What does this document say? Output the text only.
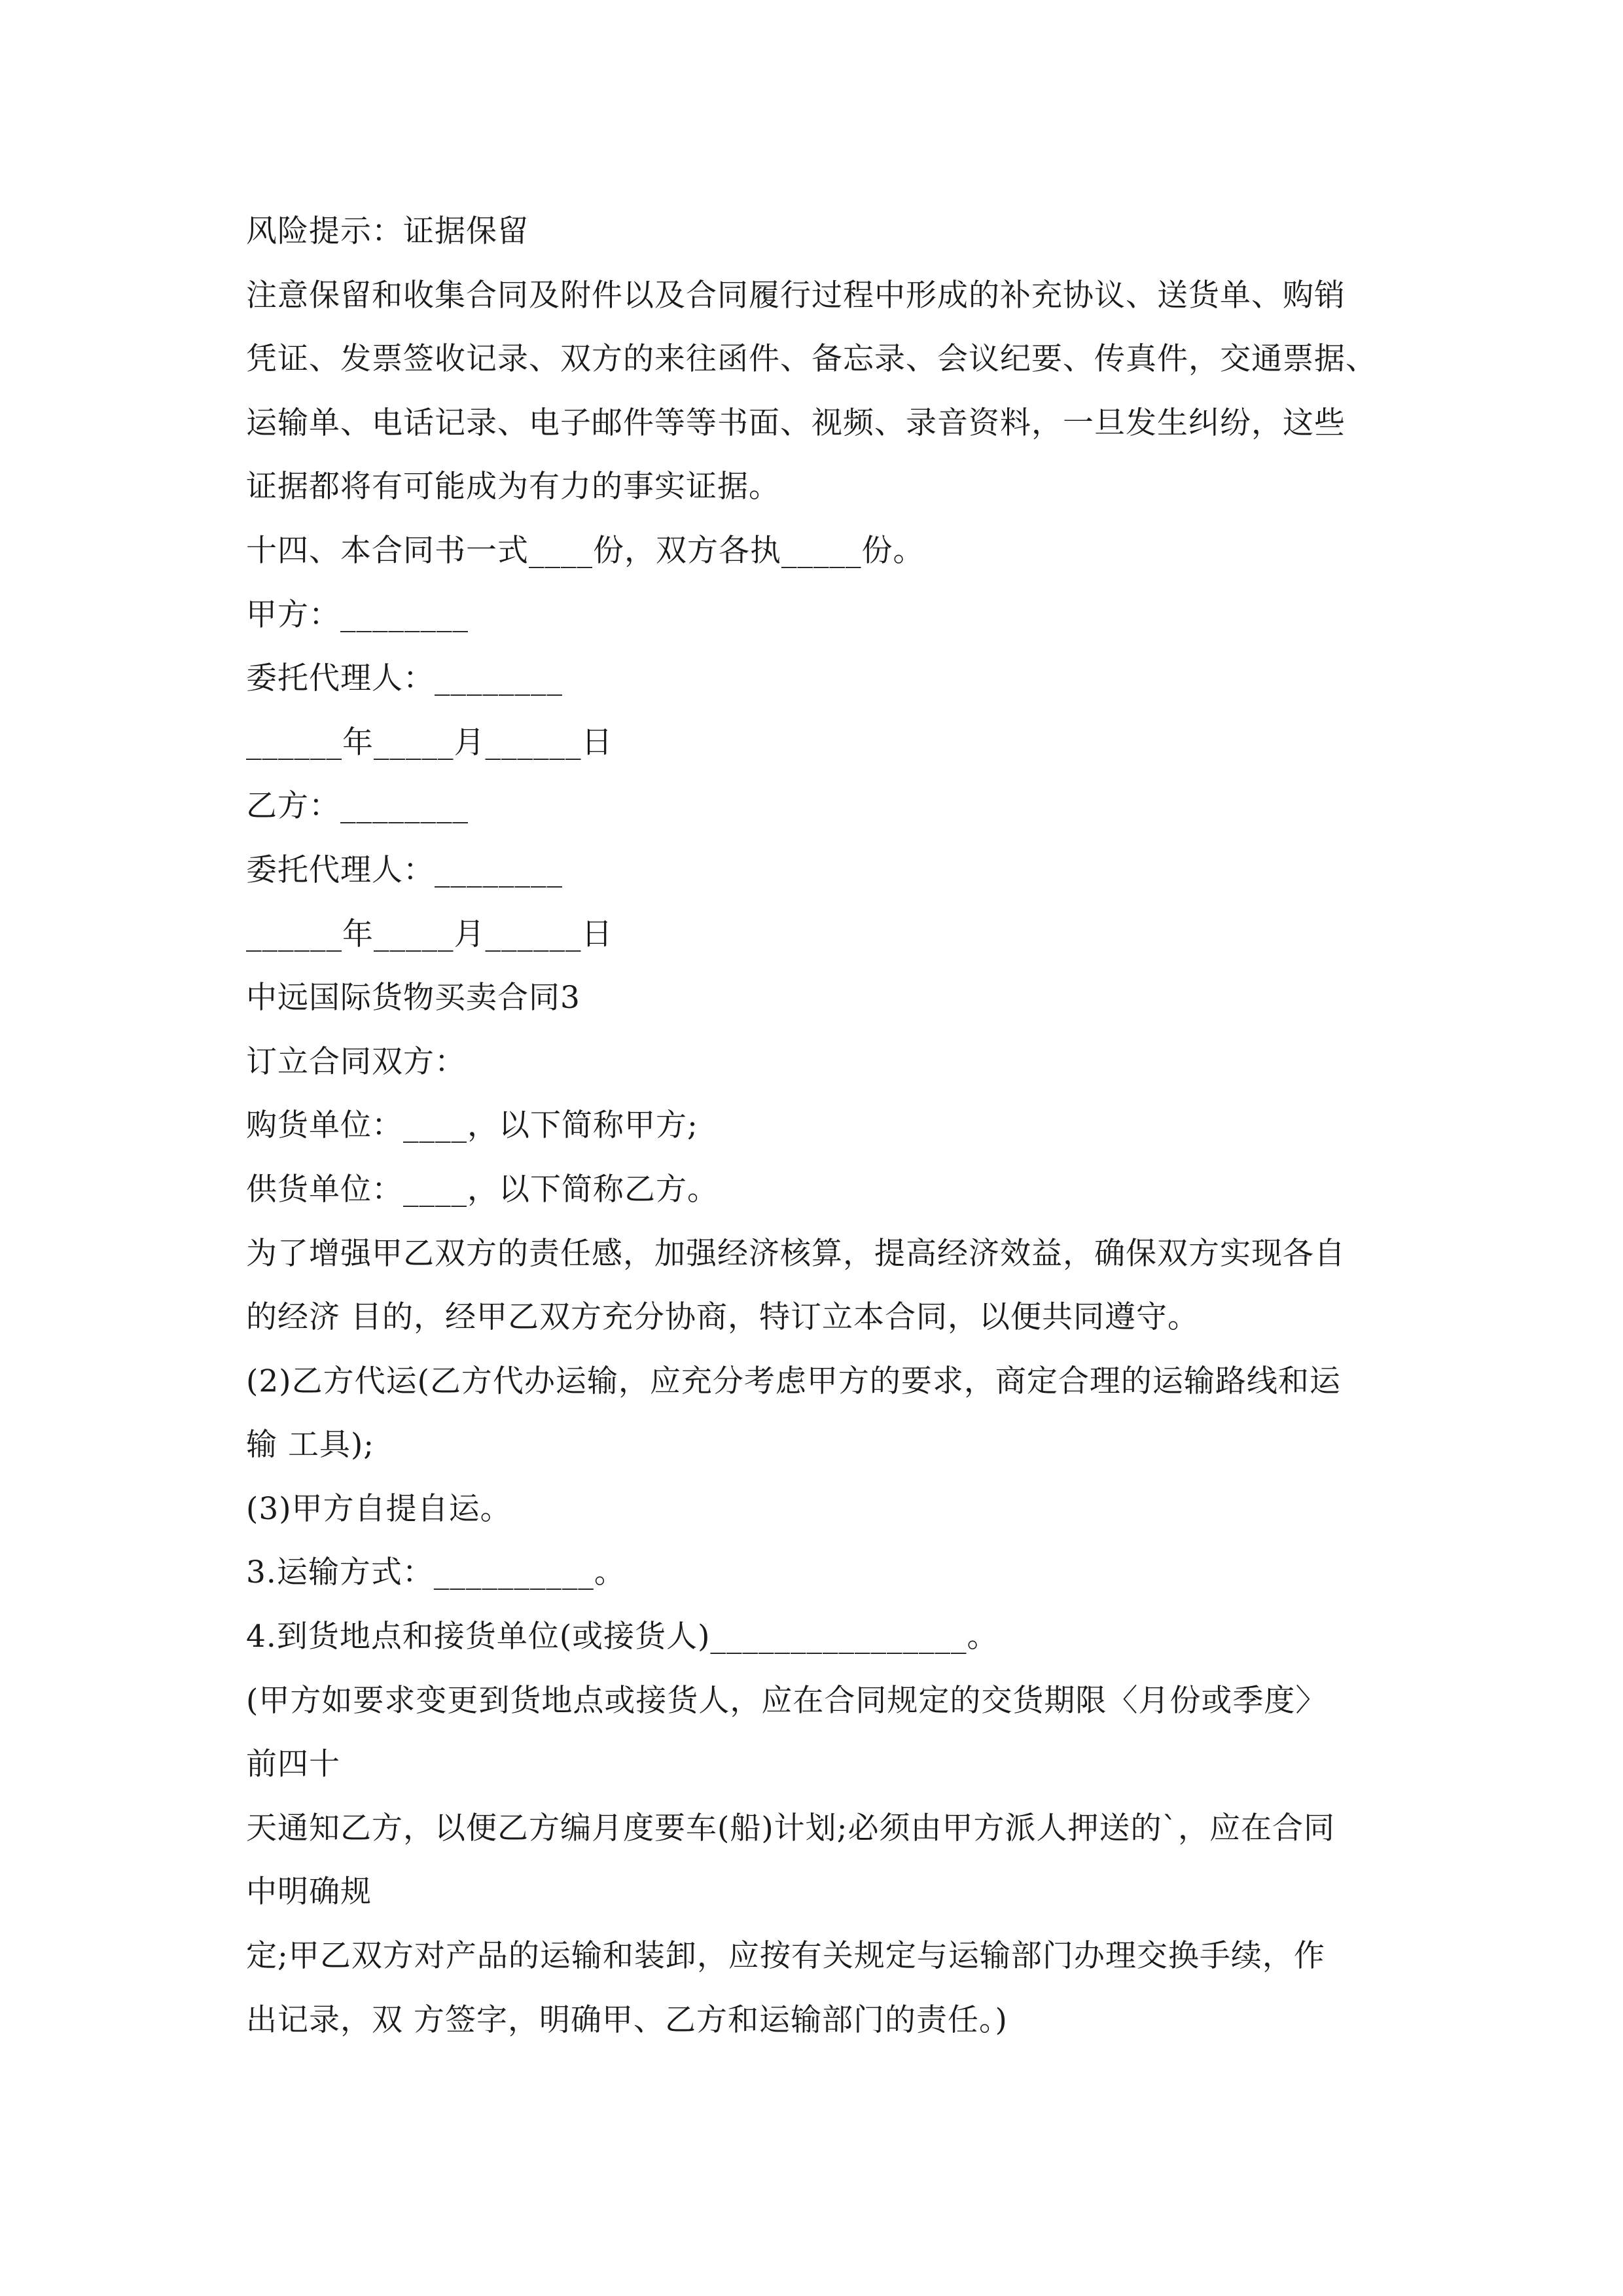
风险提示：证据保留
注意保留和收集合同及附件以及合同履行过程中形成的补充协议、送货单、购销
凭证、发票签收记录、双方的来往函件、备忘录、会议纪要、传真件，交通票据、
运输单、电话记录、电子邮件等等书面、视频、录音资料，一旦发生纠纷，这些
证据都将有可能成为有力的事实证据。
十四、本合同书一式____份，双方各执_____份。
甲方：________
委托代理人：________
______年_____月______日
乙方：________
委托代理人：________
______年_____月______日
中远国际货物买卖合同3
订立合同双方：
购货单位：____，以下简称甲方;
供货单位：____，以下简称乙方。
为了增强甲乙双方的责任感，加强经济核算，提高经济效益，确保双方实现各自
的经济 目的，经甲乙双方充分协商，特订立本合同，以便共同遵守。
(2)乙方代运(乙方代办运输，应充分考虑甲方的要求，商定合理的运输路线和运
输 工具);
(3)甲方自提自运。
3.运输方式：__________。
4.到货地点和接货单位(或接货人)________________。
(甲方如要求变更到货地点或接货人，应在合同规定的交货期限〈月份或季度〉
前四十
天通知乙方，以便乙方编月度要车(船)计划;必须由甲方派人押送的`，应在合同
中明确规
定;甲乙双方对产品的运输和装卸，应按有关规定与运输部门办理交换手续，作
出记录，双 方签字，明确甲、乙方和运输部门的责任。)
